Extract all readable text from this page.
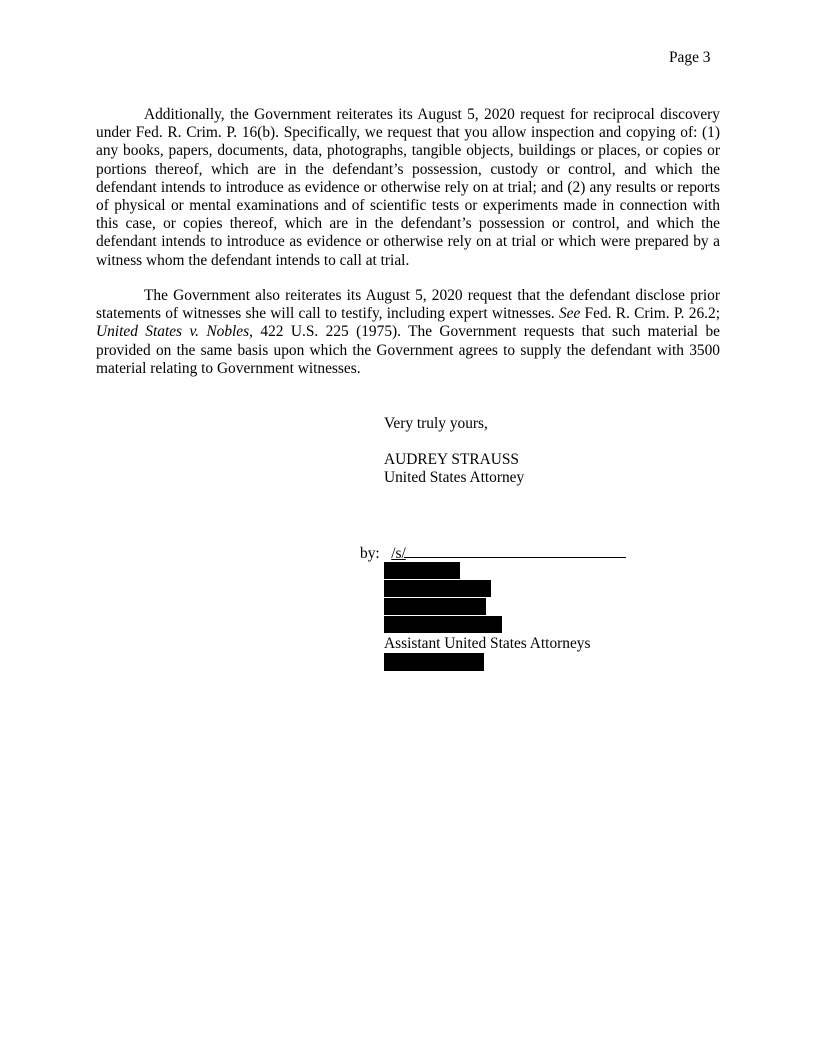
Page 3

Additionally, the Government reiterates its August 5, 2020 request for reciprocal discovery under Fed. R. Crim. P. 16(b). Specifically, we request that you allow inspection and copying of: (1) any books, papers, documents, data, photographs, tangible objects, buildings or places, or copies or portions thereof, which are in the defendant’s possession, custody or control, and which the defendant intends to introduce as evidence or otherwise rely on at trial; and (2) any results or reports of physical or mental examinations and of scientific tests or experiments made in connection with this case, or copies thereof, which are in the defendant’s possession or control, and which the defendant intends to introduce as evidence or otherwise rely on at trial or which were prepared by a witness whom the defendant intends to call at trial.

The Government also reiterates its August 5, 2020 request that the defendant disclose prior statements of witnesses she will call to testify, including expert witnesses. See Fed. R. Crim. P. 26.2; United States v. Nobles, 422 U.S. 225 (1975). The Government requests that such material be provided on the same basis upon which the Government agrees to supply the defendant with 3500 material relating to Government witnesses.

Very truly yours,
AUDREY STRAUSS
United States Attorney
by: /s/
Assistant United States Attorneys
